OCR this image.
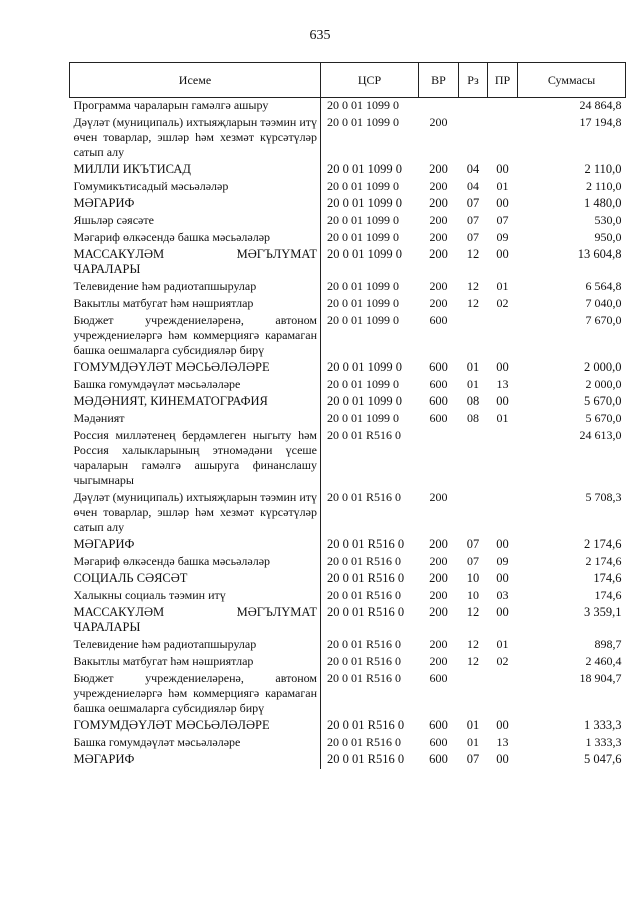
635
Исеме	ЦСР	ВР	Рз	ПР	Суммасы
Программа чараларын гамәлгә ашыру	20 0 01 1099 0				24 864,8
Дәүләт (муниципаль) ихтыяҗларын тәэмин итү өчен товарлар, эшләр һәм хезмәт күрсәтүләр сатып алу	20 0 01 1099 0	200			17 194,8
МИЛЛИ ИКЪТИСАД	20 0 01 1099 0	200	04	00	2 110,0
Гомумикътисадый мәсьәләләр	20 0 01 1099 0	200	04	01	2 110,0
МӘГАРИФ	20 0 01 1099 0	200	07	00	1 480,0
Яшьләр сәясәте	20 0 01 1099 0	200	07	07	530,0
Мәгариф өлкәсендә башка мәсьәләләр	20 0 01 1099 0	200	07	09	950,0
МАССАКҮЛӘМ МӘГЪЛҮМАТ ЧАРАЛАРЫ	20 0 01 1099 0	200	12	00	13 604,8
Телевидение һәм радиотапшырулар	20 0 01 1099 0	200	12	01	6 564,8
Вакытлы матбугат һәм нәшриятлар	20 0 01 1099 0	200	12	02	7 040,0
Бюджет учреждениеләренә, автоном учреждениеләргә һәм коммерциягә карамаган башка оешмаларга субсидияләр бирү	20 0 01 1099 0	600			7 670,0
ГОМУМДӘҮЛӘТ МӘСЬӘЛӘЛӘРЕ	20 0 01 1099 0	600	01	00	2 000,0
Башка гомумдәүләт мәсьәләләре	20 0 01 1099 0	600	01	13	2 000,0
МӘДӘНИЯТ, КИНЕМАТОГРАФИЯ	20 0 01 1099 0	600	08	00	5 670,0
Мәдәният	20 0 01 1099 0	600	08	01	5 670,0
Россия милләтенең бердәмлеген ныгыту һәм Россия халыкларының этномәдәни үсеше чараларын гамәлгә ашыруга финанслашу чыгымнары	20 0 01 R516 0				24 613,0
Дәүләт (муниципаль) ихтыяҗларын тәэмин итү өчен товарлар, эшләр һәм хезмәт күрсәтүләр сатып алу	20 0 01 R516 0	200			5 708,3
МӘГАРИФ	20 0 01 R516 0	200	07	00	2 174,6
Мәгариф өлкәсендә башка мәсьәләләр	20 0 01 R516 0	200	07	09	2 174,6
СОЦИАЛЬ СӘЯСӘТ	20 0 01 R516 0	200	10	00	174,6
Халыкны социаль тәэмин итү	20 0 01 R516 0	200	10	03	174,6
МАССАКҮЛӘМ МӘГЪЛҮМАТ ЧАРАЛАРЫ	20 0 01 R516 0	200	12	00	3 359,1
Телевидение һәм радиотапшырулар	20 0 01 R516 0	200	12	01	898,7
Вакытлы матбугат һәм нәшриятлар	20 0 01 R516 0	200	12	02	2 460,4
Бюджет учреждениеләренә, автоном учреждениеләргә һәм коммерциягә карамаган башка оешмаларга субсидияләр бирү	20 0 01 R516 0	600			18 904,7
ГОМУМДӘҮЛӘТ МӘСЬӘЛӘЛӘРЕ	20 0 01 R516 0	600	01	00	1 333,3
Башка гомумдәүләт мәсьәләләре	20 0 01 R516 0	600	01	13	1 333,3
МӘГАРИФ	20 0 01 R516 0	600	07	00	5 047,6
